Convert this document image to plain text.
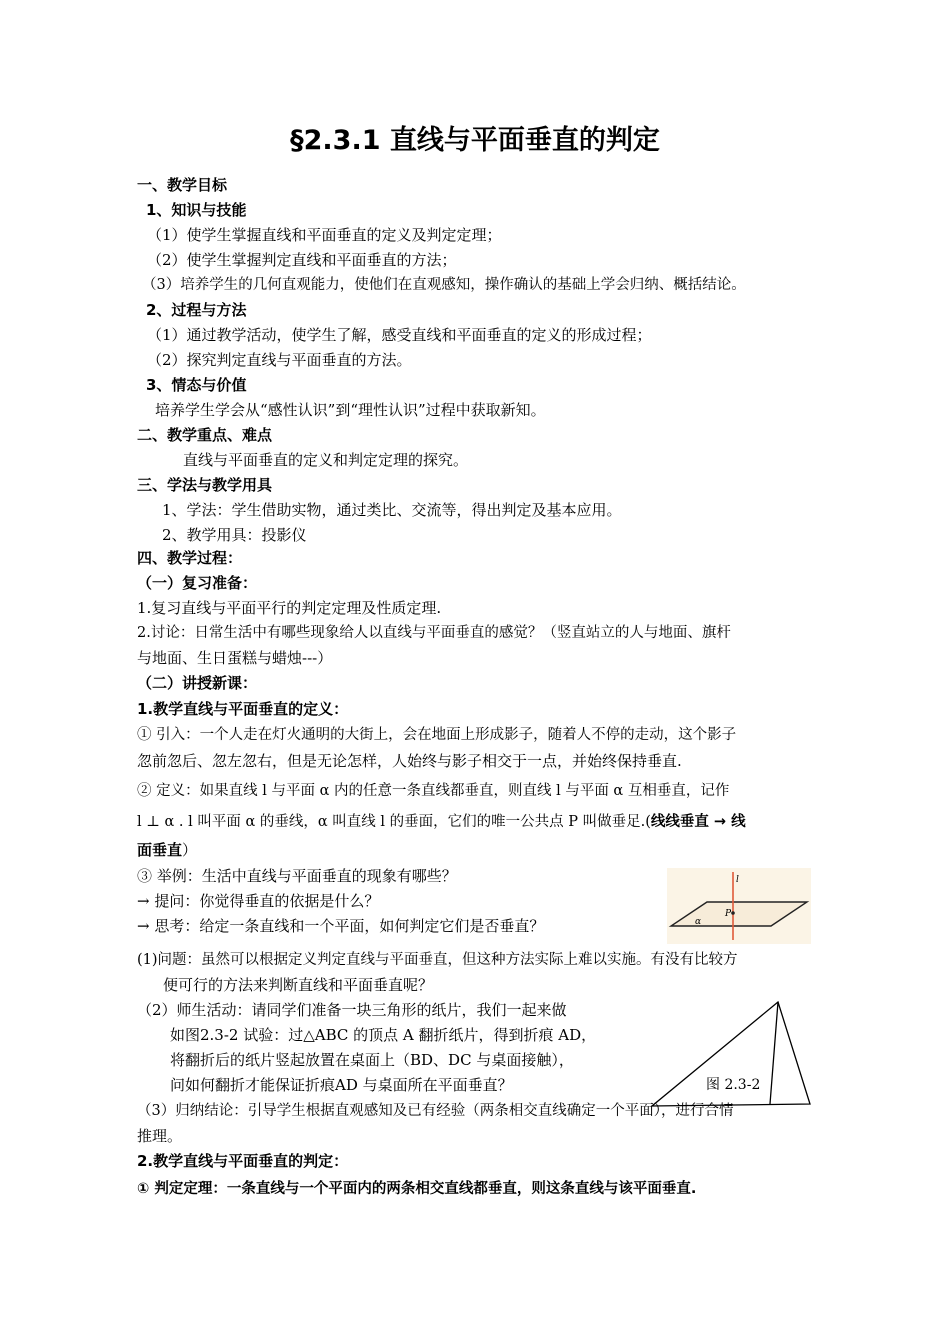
§2.3.1 直线与平面垂直的判定
一、教学目标
1、知识与技能
（1）使学生掌握直线和平面垂直的定义及判定定理；
（2）使学生掌握判定直线和平面垂直的方法；
（3）培养学生的几何直观能力，使他们在直观感知，操作确认的基础上学会归纳、概括结论。
2、过程与方法
（1）通过教学活动，使学生了解，感受直线和平面垂直的定义的形成过程；
（2）探究判定直线与平面垂直的方法。
3、情态与价值
培养学生学会从“感性认识”到“理性认识”过程中获取新知。
二、教学重点、难点
直线与平面垂直的定义和判定定理的探究。
三、学法与教学用具
1、学法：学生借助实物，通过类比、交流等，得出判定及基本应用。
2、教学用具：投影仪
四、教学过程：
（一）复习准备：
1.复习直线与平面平行的判定定理及性质定理.
2.讨论：日常生活中有哪些现象给人以直线与平面垂直的感觉？（竖直站立的人与地面、旗杆
与地面、生日蛋糕与蜡烛---）
（二）讲授新课：
1.教学直线与平面垂直的定义：
① 引入：一个人走在灯火通明的大街上，会在地面上形成影子，随着人不停的走动，这个影子
忽前忽后、忽左忽右，但是无论怎样，人始终与影子相交于一点，并始终保持垂直.
② 定义：如果直线 l 与平面 α 内的任意一条直线都垂直，则直线 l 与平面 α 互相垂直，记作
l ⊥ α . l 叫平面 α 的垂线，α 叫直线 l 的垂面，它们的唯一公共点 P 叫做垂足.(线线垂直 → 线
面垂直）
③ 举例：生活中直线与平面垂直的现象有哪些？
→ 提问：你觉得垂直的依据是什么？
→ 思考：给定一条直线和一个平面，如何判定它们是否垂直？
l
P
α
(1)问题：虽然可以根据定义判定直线与平面垂直，但这种方法实际上难以实施。有没有比较方
便可行的方法来判断直线和平面垂直呢？
（2）师生活动：请同学们准备一块三角形的纸片，我们一起来做
如图2.3-2 试验：过△ABC 的顶点 A 翻折纸片，得到折痕 AD，
将翻折后的纸片竖起放置在桌面上（BD、DC 与桌面接触），
问如何翻折才能保证折痕AD 与桌面所在平面垂直？	图 2.3-2
（3）归纳结论：引导学生根据直观感知及已有经验（两条相交直线确定一个平面），进行合情
推理。
2.教学直线与平面垂直的判定：
① 判定定理：一条直线与一个平面内的两条相交直线都垂直，则这条直线与该平面垂直.
